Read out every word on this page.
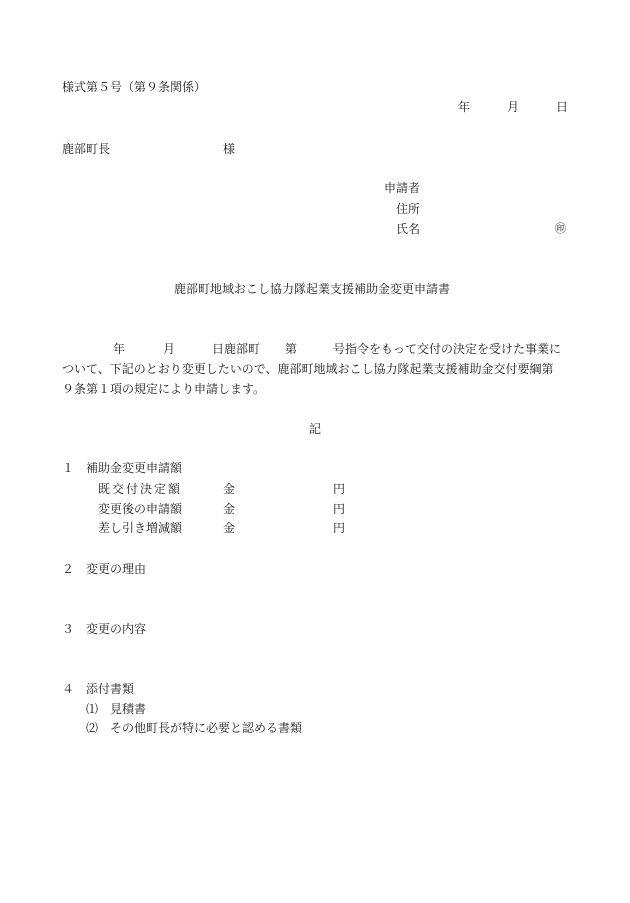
様式第５号（第９条関係）
年	月	日
鹿部町長	様
申請者
住所
氏名	㊞
鹿部町地域おこし協力隊起業支援補助金変更申請書
年	月	日鹿部町 第	号指令をもって交付の決定を受けた事業に
ついて、下記のとおり変更したいので、鹿部町地域おこし協力隊起業支援補助金交付要綱第
９条第１項の規定により申請します。
記
１ 補助金変更申請額
既交付決定額	金	円
変更後の申請額	金	円
差し引き増減額	金	円
２ 変更の理由
３ 変更の内容
４ 添付書類
⑴ 見積書
⑵ その他町長が特に必要と認める書類
